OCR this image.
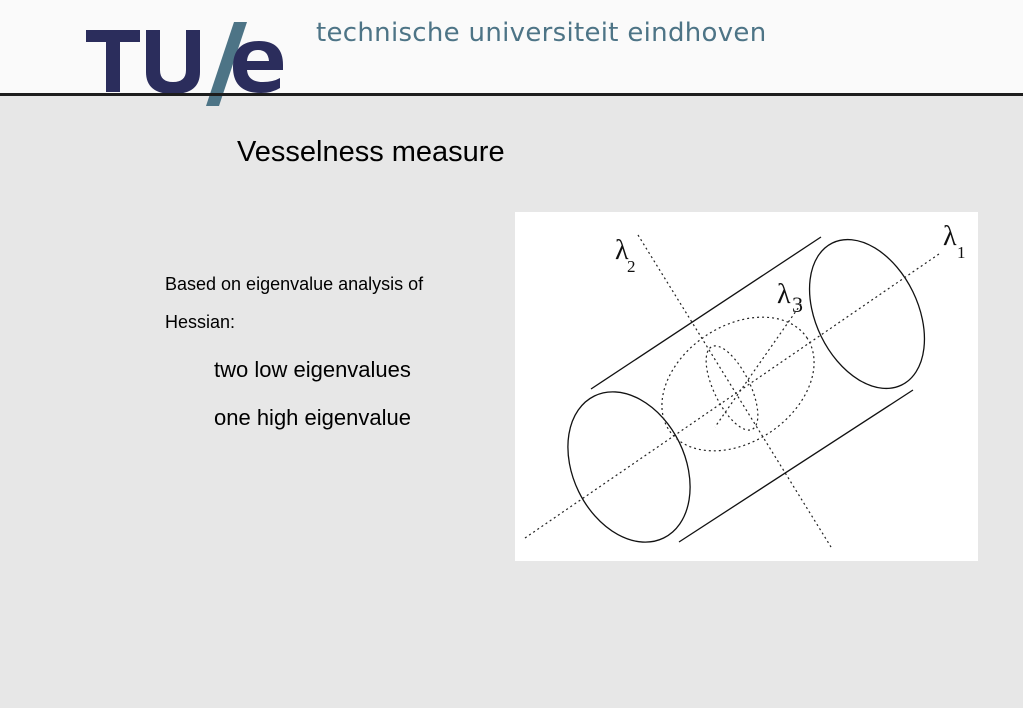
technische universiteit eindhoven
Vesselness measure
Based on eigenvalue analysis of Hessian:
two low eigenvalues
one high eigenvalue
λ
1
λ
2
λ 3
